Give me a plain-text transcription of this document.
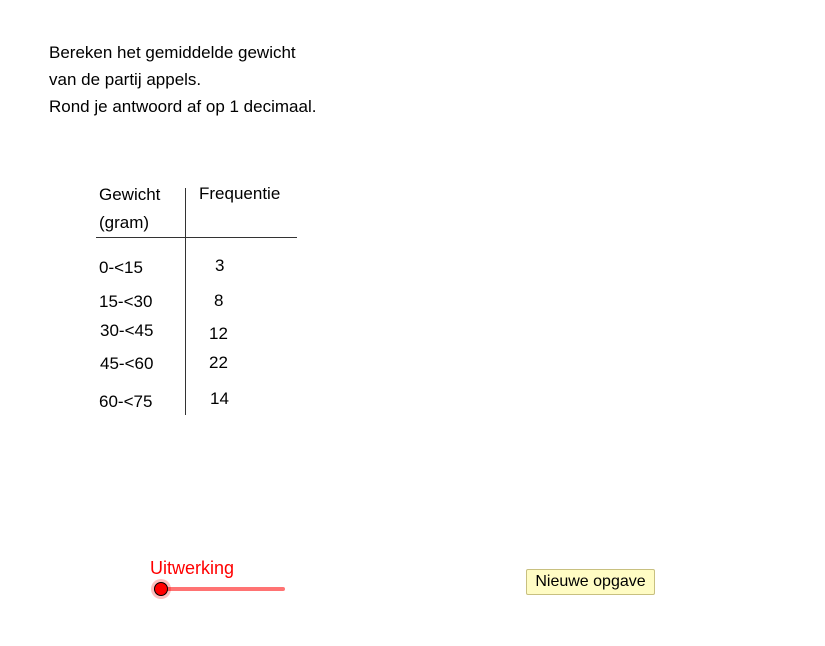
Bereken het gemiddelde gewicht
van de partij appels.
Rond je antwoord af op 1 decimaal.
Gewicht
(gram)
Frequentie
0-<15	3
15-<30	8
30-<45	12
45-<60	22
60-<75	14
Uitwerking
Nieuwe opgave
